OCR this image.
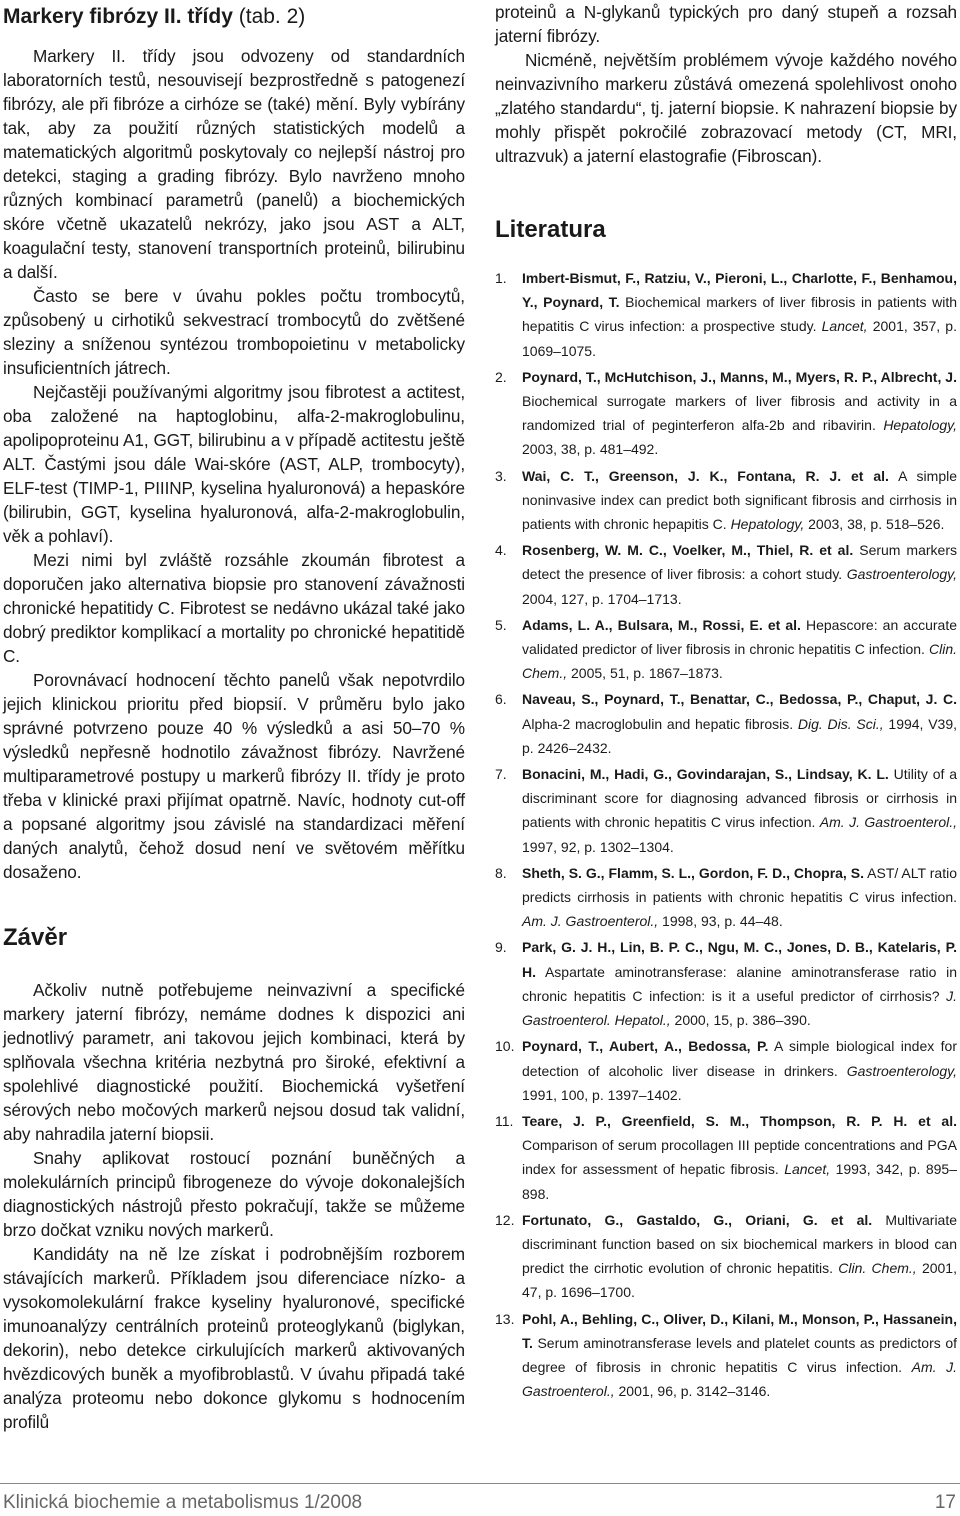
Markery fibrózy II. třídy (tab. 2)

Markery II. třídy jsou odvozeny od standardních laboratorních testů, nesouvisejí bezprostředně s patogenezí fibrózy, ale při fibróze a cirhóze se (také) mění. Byly vybírány tak, aby za použití různých statistických modelů a matematických algoritmů poskytovaly co nejlepší nástroj pro detekci, staging a grading fibrózy. Bylo navrženo mnoho různých kombinací parametrů (panelů) a biochemických skóre včetně ukazatelů nekrózy, jako jsou AST a ALT, koagulační testy, stanovení transportních proteinů, bilirubinu a další.

Často se bere v úvahu pokles počtu trombocytů, způsobený u cirhotiků sekvestrací trombocytů do zvětšené sleziny a sníženou syntézou trombopoietinu v metabolicky insuficientních játrech.

Nejčastěji používanými algoritmy jsou fibrotest a actitest, oba založené na haptoglobinu, alfa-2-makroglobulinu, apolipoproteinu A1, GGT, bilirubinu a v případě actitestu ještě ALT. Častými jsou dále Wai-skóre (AST, ALP, trombocyty), ELF-test (TIMP-1, PIIINP, kyselina hyaluronová) a hepaskóre (bilirubin, GGT, kyselina hyaluronová, alfa-2-makroglobulin, věk a pohlaví).

Mezi nimi byl zvláště rozsáhle zkoumán fibrotest a doporučen jako alternativa biopsie pro stanovení závažnosti chronické hepatitidy C. Fibrotest se nedávno ukázal také jako dobrý prediktor komplikací a mortality po chronické hepatitidě C.

Porovnávací hodnocení těchto panelů však nepotvrdilo jejich klinickou prioritu před biopsií. V průměru bylo jako správné potvrzeno pouze 40 % výsledků a asi 50–70 % výsledků nepřesně hodnotilo závažnost fibrózy. Navržené multiparametrové postupy u markerů fibrózy II. třídy je proto třeba v klinické praxi přijímat opatrně. Navíc, hodnoty cut-off a popsané algoritmy jsou závislé na standardizaci měření daných analytů, čehož dosud není ve světovém měřítku dosaženo.

Závěr

Ačkoliv nutně potřebujeme neinvazivní a specifické markery jaterní fibrózy, nemáme dodnes k dispozici ani jednotlivý parametr, ani takovou jejich kombinaci, která by splňovala všechna kritéria nezbytná pro široké, efektivní a spolehlivé diagnostické použití. Biochemická vyšetření sérových nebo močových markerů nejsou dosud tak validní, aby nahradila jaterní biopsii.

Snahy aplikovat rostoucí poznání buněčných a molekulárních principů fibrogeneze do vývoje dokonalejších diagnostických nástrojů přesto pokračují, takže se můžeme brzo dočkat vzniku nových markerů.

Kandidáty na ně lze získat i podrobnějším rozborem stávajících markerů. Příkladem jsou diferenciace nízko- a vysokomolekulární frakce kyseliny hyaluronové, specifické imunoanalýzy centrálních proteinů proteoglykanů (biglykan, dekorin), nebo detekce cirkulujících markerů aktivovaných hvězdicových buněk a myofibroblastů. V úvahu připadá také analýza proteomu nebo dokonce glykomu s hodnocením profilů

proteinů a N-glykanů typických pro daný stupeň a rozsah jaterní fibrózy.

Nicméně, největším problémem vývoje každého nového neinvazivního markeru zůstává omezená spolehlivost onoho „zlatého standardu“, tj. jaterní biopsie. K nahrazení biopsie by mohly přispět pokročilé zobrazovací metody (CT, MRI, ultrazvuk) a jaterní elastografie (Fibroscan).

Literatura
1. Imbert-Bismut, F., Ratziu, V., Pieroni, L., Charlotte, F., Benhamou, Y., Poynard, T. Biochemical markers of liver fibrosis in patients with hepatitis C virus infection: a prospective study. Lancet, 2001, 357, p. 1069–1075.
2. Poynard, T., McHutchison, J., Manns, M., Myers, R. P., Albrecht, J. Biochemical surrogate markers of liver fibrosis and activity in a randomized trial of peginterferon alfa-2b and ribavirin. Hepatology, 2003, 38, p. 481–492.
3. Wai, C. T., Greenson, J. K., Fontana, R. J. et al. A simple noninvasive index can predict both significant fibrosis and cirrhosis in patients with chronic hepapitis C. Hepatology, 2003, 38, p. 518–526.
4. Rosenberg, W. M. C., Voelker, M., Thiel, R. et al. Serum markers detect the presence of liver fibrosis: a cohort study. Gastroenterology, 2004, 127, p. 1704–1713.
5. Adams, L. A., Bulsara, M., Rossi, E. et al. Hepascore: an accurate validated predictor of liver fibrosis in chronic hepatitis C infection. Clin. Chem., 2005, 51, p. 1867–1873.
6. Naveau, S., Poynard, T., Benattar, C., Bedossa, P., Chaput, J. C. Alpha-2 macroglobulin and hepatic fibrosis. Dig. Dis. Sci., 1994, V39, p. 2426–2432.
7. Bonacini, M., Hadi, G., Govindarajan, S., Lindsay, K. L. Utility of a discriminant score for diagnosing advanced fibrosis or cirrhosis in patients with chronic hepatitis C virus infection. Am. J. Gastroenterol., 1997, 92, p. 1302–1304.
8. Sheth, S. G., Flamm, S. L., Gordon, F. D., Chopra, S. AST/ ALT ratio predicts cirrhosis in patients with chronic hepatitis C virus infection. Am. J. Gastroenterol., 1998, 93, p. 44–48.
9. Park, G. J. H., Lin, B. P. C., Ngu, M. C., Jones, D. B., Katelaris, P. H. Aspartate aminotransferase: alanine aminotransferase ratio in chronic hepatitis C infection: is it a useful predictor of cirrhosis? J. Gastroenterol. Hepatol., 2000, 15, p. 386–390.
10. Poynard, T., Aubert, A., Bedossa, P. A simple biological index for detection of alcoholic liver disease in drinkers. Gastroenterology, 1991, 100, p. 1397–1402.
11. Teare, J. P., Greenfield, S. M., Thompson, R. P. H. et al. Comparison of serum procollagen III peptide concentrations and PGA index for assessment of hepatic fibrosis. Lancet, 1993, 342, p. 895–898.
12. Fortunato, G., Gastaldo, G., Oriani, G. et al. Multivariate discriminant function based on six biochemical markers in blood can predict the cirrhotic evolution of chronic hepatitis. Clin. Chem., 2001, 47, p. 1696–1700.
13. Pohl, A., Behling, C., Oliver, D., Kilani, M., Monson, P., Hassanein, T. Serum aminotransferase levels and platelet counts as predictors of degree of fibrosis in chronic hepatitis C virus infection. Am. J. Gastroenterol., 2001, 96, p. 3142–3146.
Klinická biochemie a metabolismus 1/2008	17
